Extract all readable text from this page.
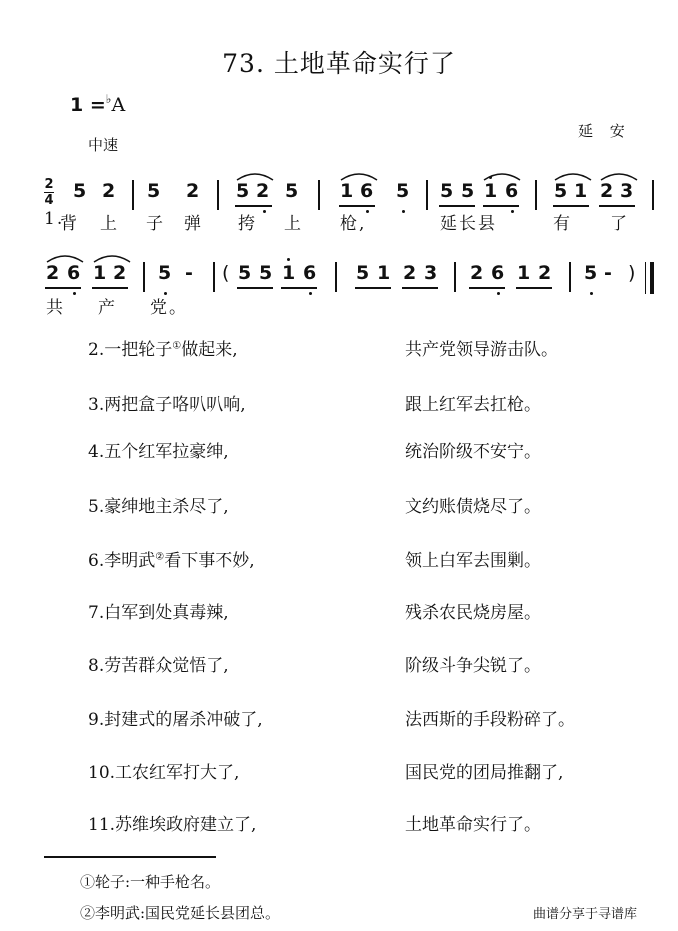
73. 土地革命实行了
1 =♭A
中速
延 安
2
4 5 2 5 2 5 2 5 1 6 5 5 5 1 6 5 1 2 3
1.
背 上 子 弹 挎 上 枪,	延长县	有 了
2 6 1 2 5 - ( 5 5 1 6 5 1 2 3 2 6 1 2 5 - )
共 产 党。
2.一把轮子①做起来,	共产党领导游击队。
3.两把盒子咯叭叭响,	跟上红军去扛枪。
4.五个红军拉豪绅,	统治阶级不安宁。
5.豪绅地主杀尽了,	文约账债烧尽了。
6.李明武②看下事不妙,	领上白军去围剿。
7.白军到处真毒辣,	残杀农民烧房屋。
8.劳苦群众觉悟了,	阶级斗争尖锐了。
9.封建式的屠杀冲破了,	法西斯的手段粉碎了。
10.工农红军打大了,	国民党的团局推翻了,
11.苏维埃政府建立了,	土地革命实行了。
①轮子:一种手枪名。
②李明武:国民党延长县团总。	曲谱分享于寻谱库
